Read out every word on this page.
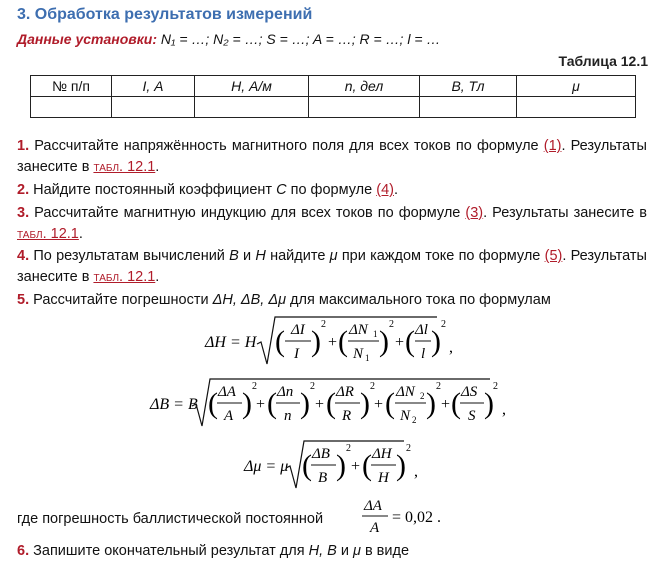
3. Обработка результатов измерений
Данные установки: N₁ = …; N₂ = …; S = …; A = …; R = …; l = …
Таблица 12.1
№ п/п	I, А	H, А/м	n, дел	B, Тл	μ

1. Рассчитайте напряжённость магнитного поля для всех токов по формуле (1). Результаты занесите в табл. 12.1.
2. Найдите постоянный коэффициент C по формуле (4).
3. Рассчитайте магнитную индукцию для всех токов по формуле (3). Результаты занесите в табл. 12.1.
4. По результатам вычислений B и H найдите μ при каждом токе по формуле (5). Результаты занесите в табл. 12.1.
5. Рассчитайте погрешности ΔH, ΔB, Δμ для максимального тока по формулам
ΔH = H ( ΔI
I )
2
+ ( ΔN 1
N 1 )
2
+ ( Δl
l )
2
,
ΔB = B ( ΔA
A )
2
+ ( Δn
n )
2
+ ( ΔR
R )
2
+ ( ΔN 2
N 2 )
2
+ ( ΔS
S )
2
,
Δμ = μ ( ΔB
B )
2
+ ( ΔH
H )
2
,
где погрешность баллистической постоянной
ΔA
A
= 0,02 .
6. Запишите окончательный результат для H, B и μ в виде
